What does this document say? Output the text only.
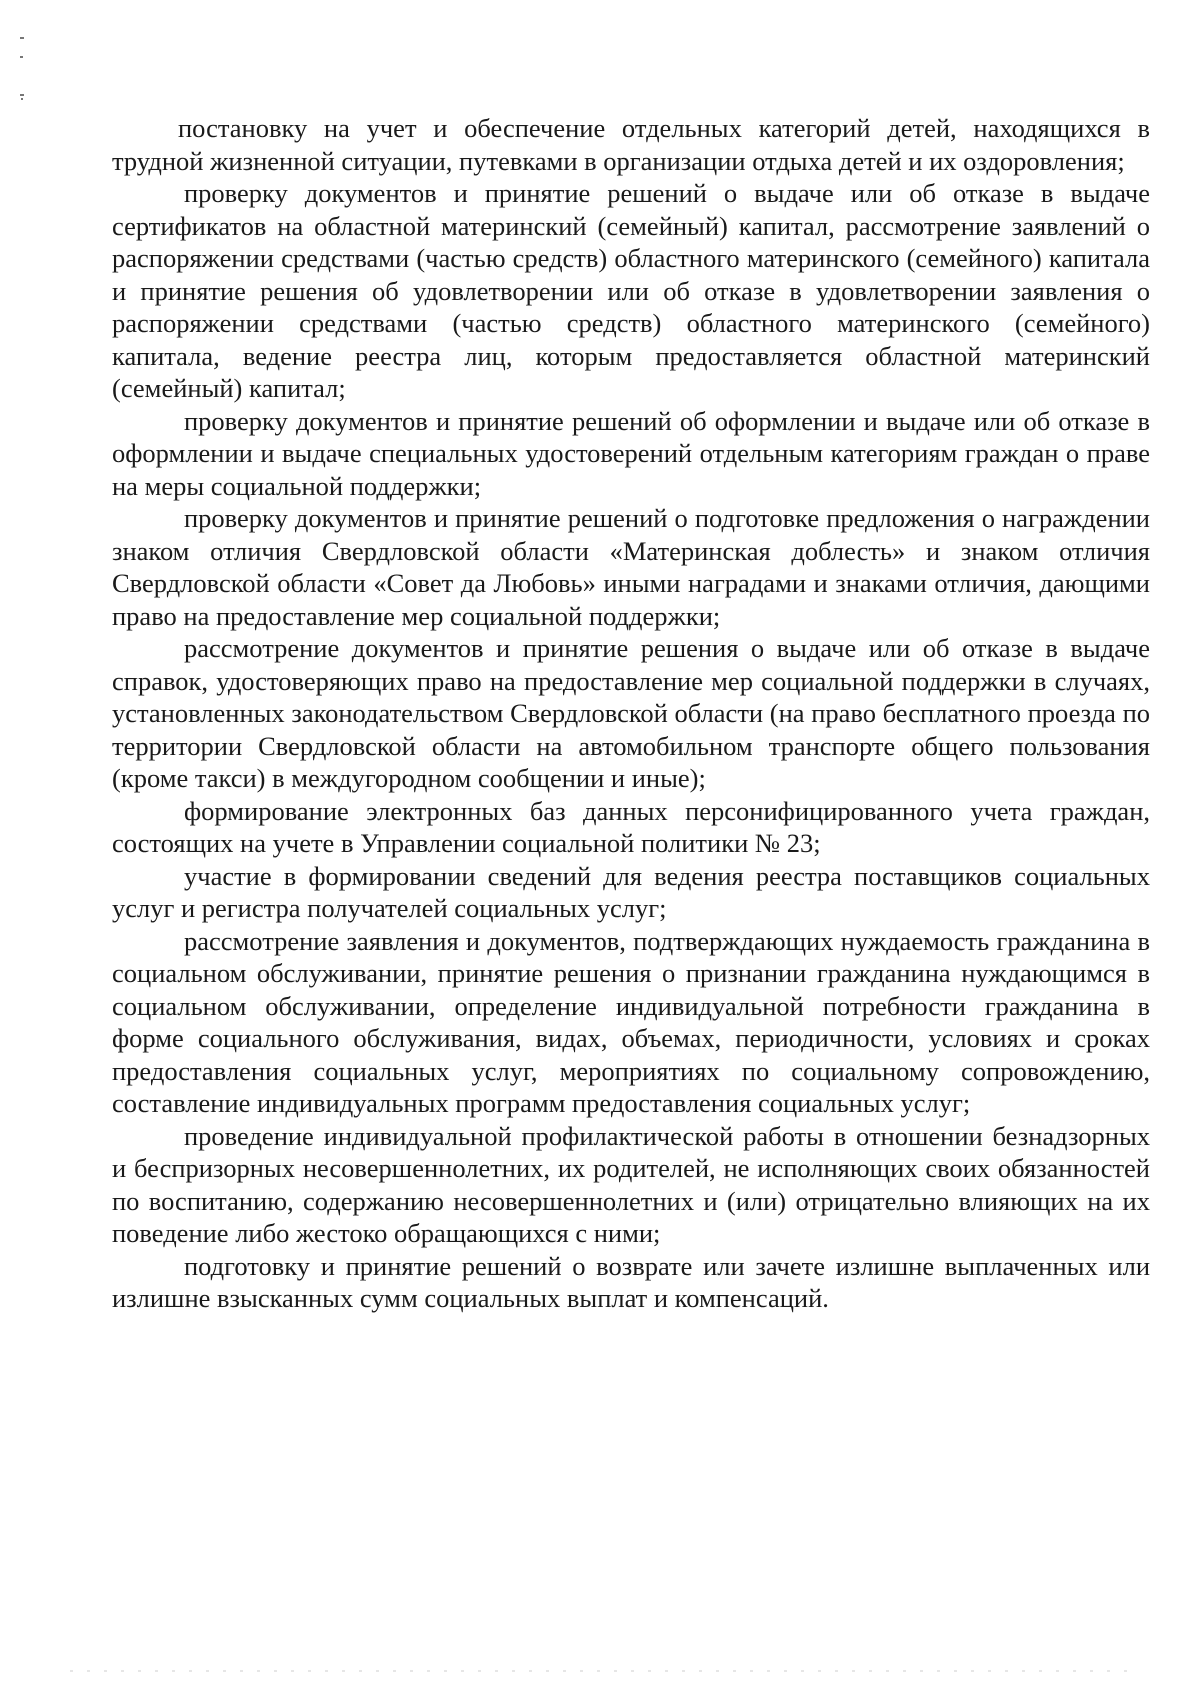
постановку на учет и обеспечение отдельных категорий детей, находящихся в трудной жизненной ситуации, путевками в организации отдыха детей и их оздоровления;

проверку документов и принятие решений о выдаче или об отказе в выдаче сертификатов на областной материнский (семейный) капитал, рассмотрение заявлений о распоряжении средствами (частью средств) областного материнского (семейного) капитала и принятие решения об удовлетворении или об отказе в удовлетворении заявления о распоряжении средствами (частью средств) областного материнского (семейного) капитала, ведение реестра лиц, которым предоставляется областной материнский (семейный) капитал;

проверку документов и принятие решений об оформлении и выдаче или об отказе в оформлении и выдаче специальных удостоверений отдельным категориям граждан о праве на меры социальной поддержки;

проверку документов и принятие решений о подготовке предложения о награждении знаком отличия Свердловской области «Материнская доблесть» и знаком отличия Свердловской области «Совет да Любовь» иными наградами и знаками отличия, дающими право на предоставление мер социальной поддержки;

рассмотрение документов и принятие решения о выдаче или об отказе в выдаче справок, удостоверяющих право на предоставление мер социальной поддержки в случаях, установленных законодательством Свердловской области (на право бесплатного проезда по территории Свердловской области на автомобильном транспорте общего пользования (кроме такси) в междугородном сообщении и иные);

формирование электронных баз данных персонифицированного учета граждан, состоящих на учете в Управлении социальной политики № 23;

участие в формировании сведений для ведения реестра поставщиков социальных услуг и регистра получателей социальных услуг;

рассмотрение заявления и документов, подтверждающих нуждаемость гражданина в социальном обслуживании, принятие решения о признании гражданина нуждающимся в социальном обслуживании, определение индивидуальной потребности гражданина в форме социального обслуживания, видах, объемах, периодичности, условиях и сроках предоставления социальных услуг, мероприятиях по социальному сопровождению, составление индивидуальных программ предоставления социальных услуг;

проведение индивидуальной профилактической работы в отношении безнадзорных и беспризорных несовершеннолетних, их родителей, не исполняющих своих обязанностей по воспитанию, содержанию несовершеннолетних и (или) отрицательно влияющих на их поведение либо жестоко обращающихся с ними;

подготовку и принятие решений о возврате или зачете излишне выплаченных или излишне взысканных сумм социальных выплат и компенсаций.
